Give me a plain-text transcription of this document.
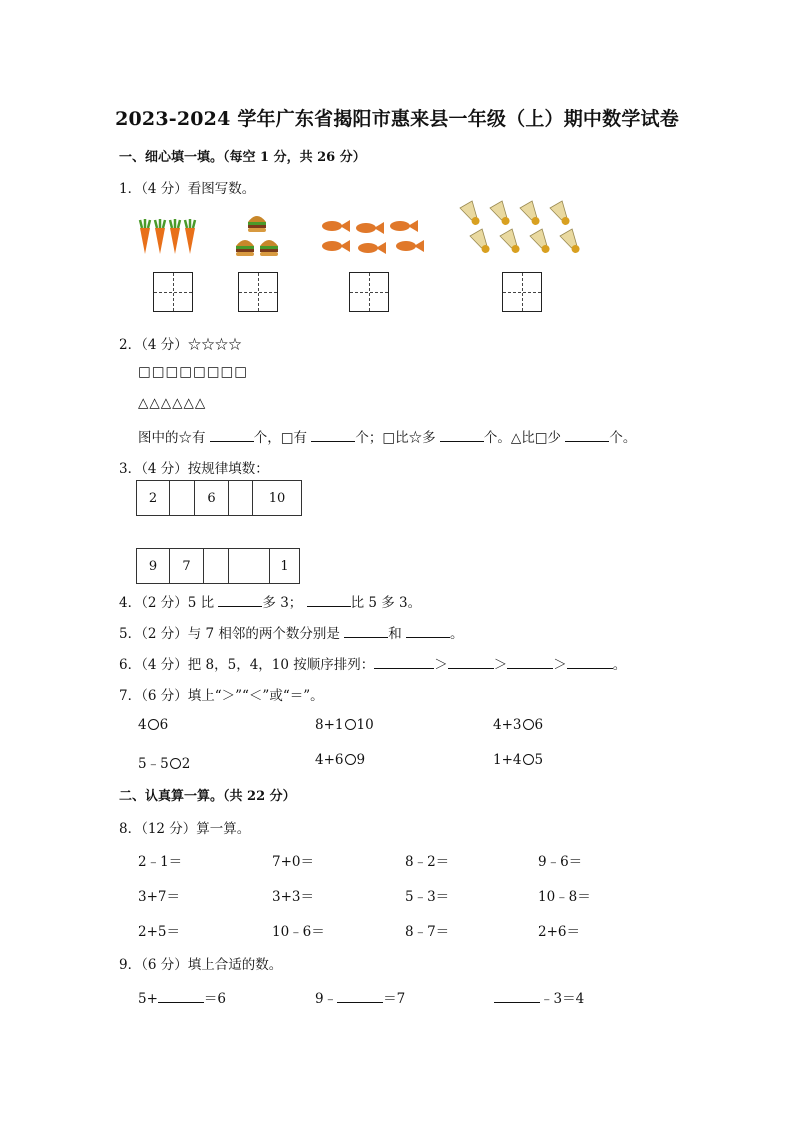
2023-2024 学年广东省揭阳市惠来县一年级（上）期中数学试卷
一、细心填一填。（每空 1 分，共 26 分）
1．（4 分）看图写数。
2．（4 分）☆☆☆☆
□□□□□□□□
△△△△△△
图中的☆有	个，□有	个；□比☆多	个。△比□少	个。
3．（4 分）按规律填数：
2		6		10
9	7			1
4．（2 分）5 比	多 3；	比 5 多 3。
5．（2 分）与 7 相邻的两个数分别是	和	。
6．（4 分）把 8，5，4，10 按顺序排列：	＞	＞	＞	。
7．（6 分）填上“＞”“＜”或“＝”。
4 6	8+1 10	4+3 6
5﹣5 2	4+6 9	1+4 5
二、认真算一算。（共 22 分）
8．（12 分）算一算。
2﹣1＝	7+0＝	8﹣2＝	9﹣6＝
3+7＝	3+3＝	5﹣3＝	10﹣8＝
2+5＝	10﹣6＝	8﹣7＝	2+6＝
9．（6 分）填上合适的数。
5+	＝6	9﹣	＝7	﹣3＝4
